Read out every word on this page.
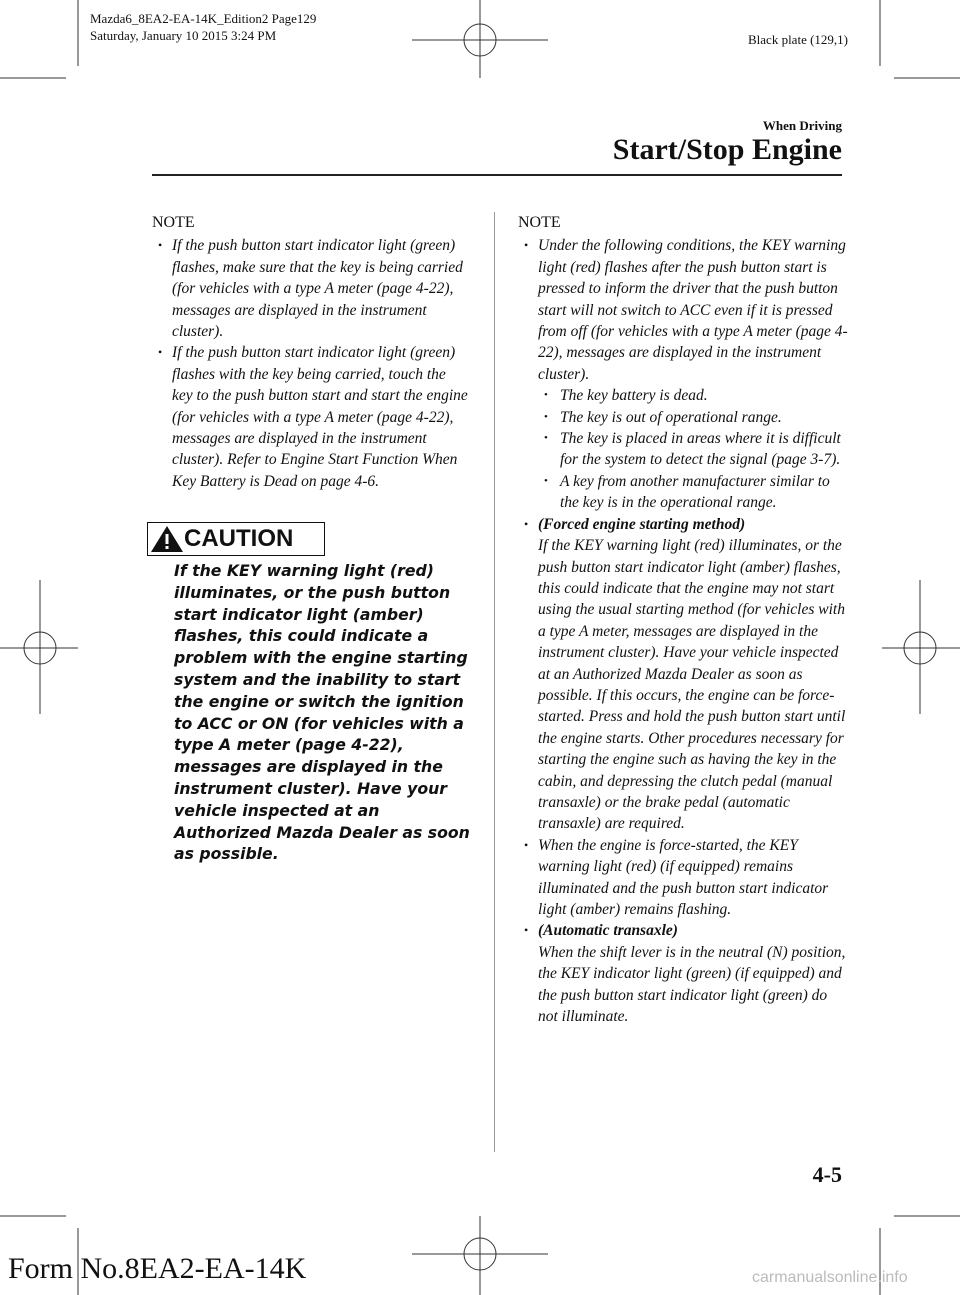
Mazda6_8EA2-EA-14K_Edition2 Page129
Saturday, January 10 2015 3:24 PM	Black plate (129,1)
When Driving
Start/Stop Engine
NOTE
• If the push button start indicator light (green) flashes, make sure that the key is being carried (for vehicles with a type A meter (page 4-22), messages are displayed in the instrument cluster).
• If the push button start indicator light (green) flashes with the key being carried, touch the key to the push button start and start the engine (for vehicles with a type A meter (page 4-22), messages are displayed in the instrument cluster). Refer to Engine Start Function When Key Battery is Dead on page 4-6.
CAUTION
If the KEY warning light (red) illuminates, or the push button start indicator light (amber) flashes, this could indicate a problem with the engine starting system and the inability to start the engine or switch the ignition to ACC or ON (for vehicles with a type A meter (page 4-22), messages are displayed in the instrument cluster). Have your vehicle inspected at an Authorized Mazda Dealer as soon as possible.
NOTE
• Under the following conditions, the KEY warning light (red) flashes after the push button start is pressed to inform the driver that the push button start will not switch to ACC even if it is pressed from off (for vehicles with a type A meter (page 4-22), messages are displayed in the instrument cluster).
• The key battery is dead.
• The key is out of operational range.
• The key is placed in areas where it is difficult for the system to detect the signal (page 3-7).
• A key from another manufacturer similar to the key is in the operational range.
• (Forced engine starting method)
If the KEY warning light (red) illuminates, or the push button start indicator light (amber) flashes, this could indicate that the engine may not start using the usual starting method (for vehicles with a type A meter, messages are displayed in the instrument cluster). Have your vehicle inspected at an Authorized Mazda Dealer as soon as possible. If this occurs, the engine can be force-started. Press and hold the push button start until the engine starts. Other procedures necessary for starting the engine such as having the key in the cabin, and depressing the clutch pedal (manual transaxle) or the brake pedal (automatic transaxle) are required.
• When the engine is force-started, the KEY warning light (red) (if equipped) remains illuminated and the push button start indicator light (amber) remains flashing.
• (Automatic transaxle)
When the shift lever is in the neutral (N) position, the KEY indicator light (green) (if equipped) and the push button start indicator light (green) do not illuminate.
4-5
Form No.8EA2-EA-14K	carmanualsonline.info
